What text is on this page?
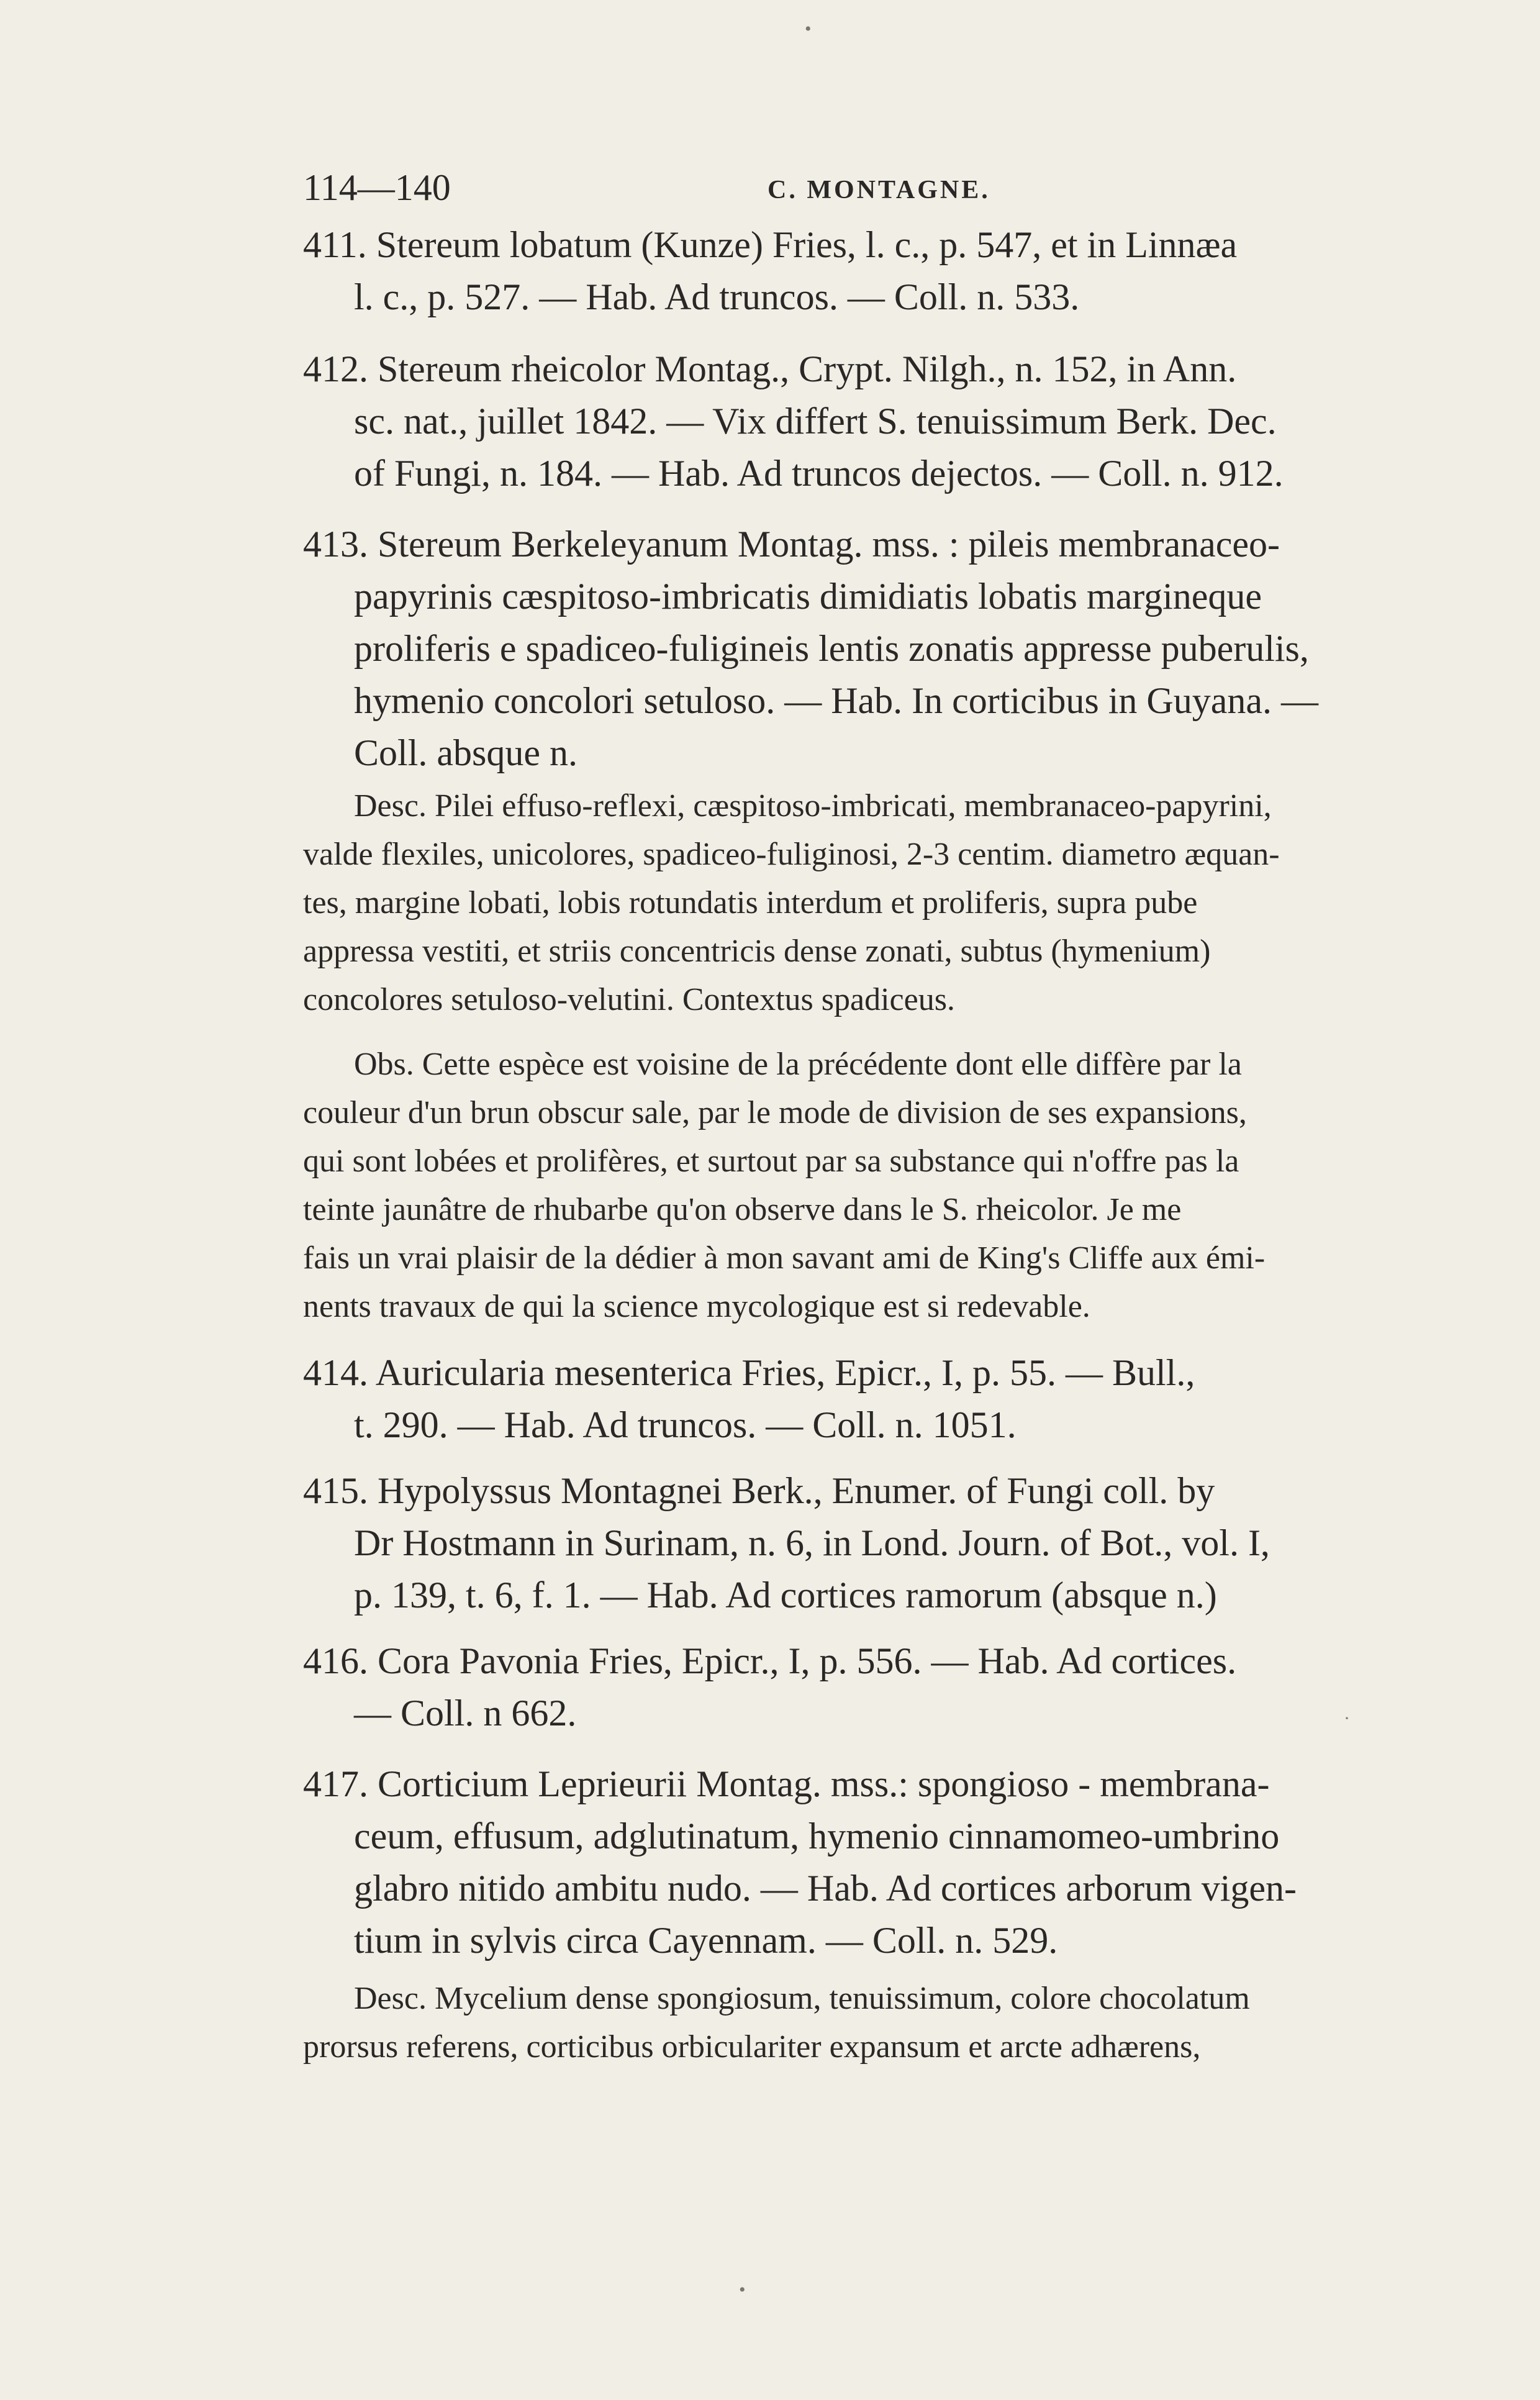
114—140	C. MONTAGNE.
411. Stereum lobatum (Kunze) Fries, l. c., p. 547, et in Linnæa
l. c., p. 527. — Hab. Ad truncos. — Coll. n. 533.
412. Stereum rheicolor Montag., Crypt. Nilgh., n. 152, in Ann.
sc. nat., juillet 1842. — Vix differt S. tenuissimum Berk. Dec.
of Fungi, n. 184. — Hab. Ad truncos dejectos. — Coll. n. 912.
413. Stereum Berkeleyanum Montag. mss. : pileis membranaceo-
papyrinis cæspitoso-imbricatis dimidiatis lobatis margineque
proliferis e spadiceo-fuligineis lentis zonatis appresse puberulis,
hymenio concolori setuloso. — Hab. In corticibus in Guyana. —
Coll. absque n.
Desc. Pilei effuso-reflexi, cæspitoso-imbricati, membranaceo-papyrini,
valde flexiles, unicolores, spadiceo-fuliginosi, 2-3 centim. diametro æquan-
tes, margine lobati, lobis rotundatis interdum et proliferis, supra pube
appressa vestiti, et striis concentricis dense zonati, subtus (hymenium)
concolores setuloso-velutini. Contextus spadiceus.
Obs. Cette espèce est voisine de la précédente dont elle diffère par la
couleur d'un brun obscur sale, par le mode de division de ses expansions,
qui sont lobées et prolifères, et surtout par sa substance qui n'offre pas la
teinte jaunâtre de rhubarbe qu'on observe dans le S. rheicolor. Je me
fais un vrai plaisir de la dédier à mon savant ami de King's Cliffe aux émi-
nents travaux de qui la science mycologique est si redevable.
414. Auricularia mesenterica Fries, Epicr., I, p. 55. — Bull.,
t. 290. — Hab. Ad truncos. — Coll. n. 1051.
415. Hypolyssus Montagnei Berk., Enumer. of Fungi coll. by
Dr Hostmann in Surinam, n. 6, in Lond. Journ. of Bot., vol. I,
p. 139, t. 6, f. 1. — Hab. Ad cortices ramorum (absque n.)
416. Cora Pavonia Fries, Epicr., I, p. 556. — Hab. Ad cortices.
— Coll. n 662.
417. Corticium Leprieurii Montag. mss.: spongioso - membrana-
ceum, effusum, adglutinatum, hymenio cinnamomeo-umbrino
glabro nitido ambitu nudo. — Hab. Ad cortices arborum vigen-
tium in sylvis circa Cayennam. — Coll. n. 529.
Desc. Mycelium dense spongiosum, tenuissimum, colore chocolatum
prorsus referens, corticibus orbiculariter expansum et arcte adhærens,
•
·
•
